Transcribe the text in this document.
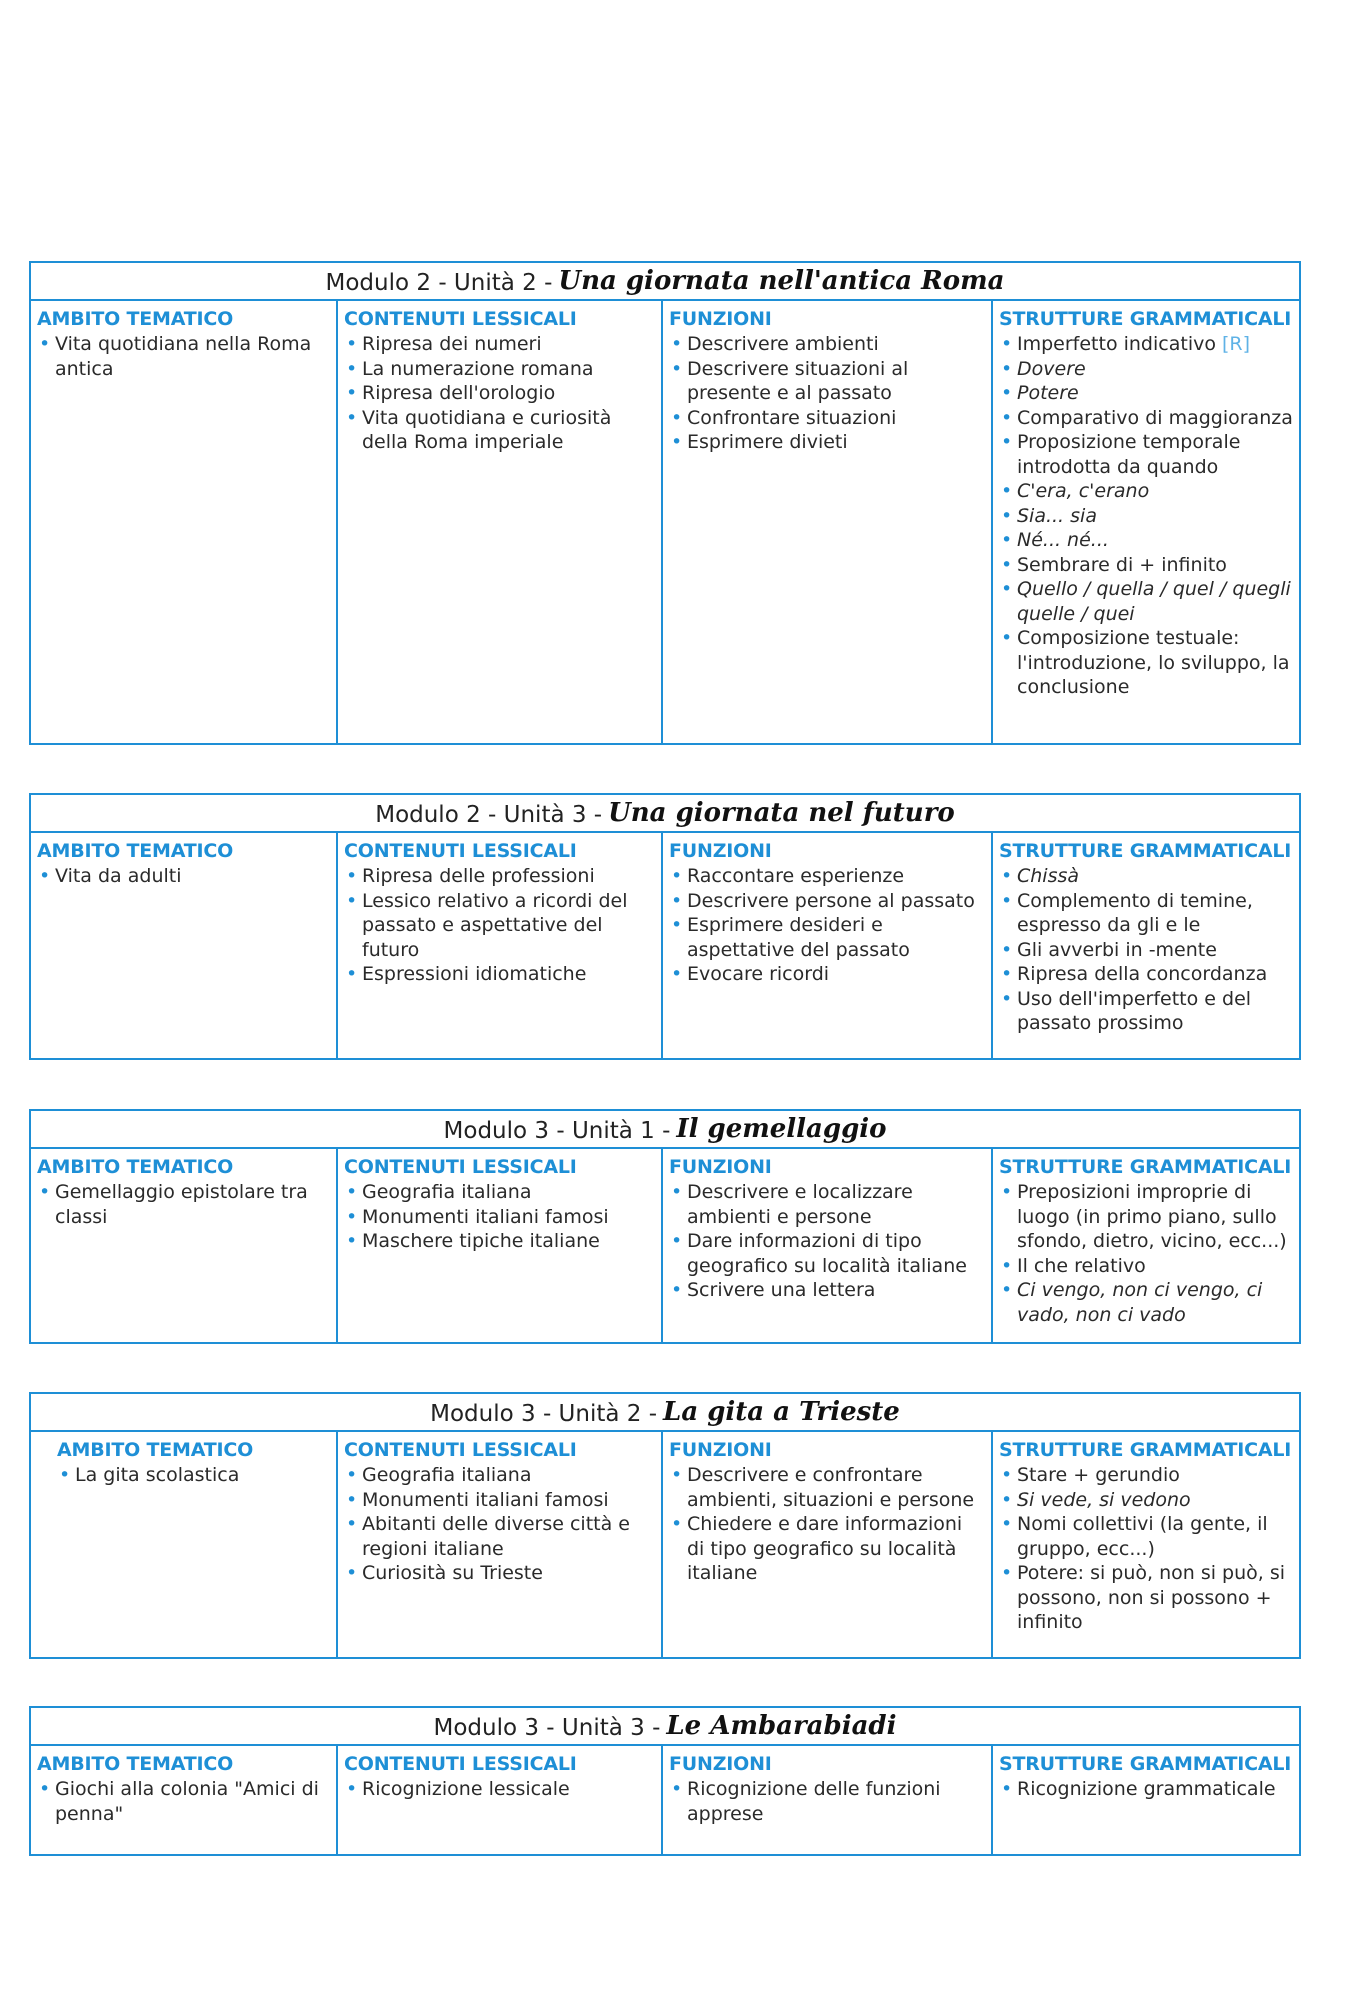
Modulo 2 - Unità 2 - Una giornata nell'antica Roma
AMBITO TEMATICO
• Vita quotidiana nella Roma antica
CONTENUTI LESSICALI
• Ripresa dei numeri
• La numerazione romana
• Ripresa dell'orologio
• Vita quotidiana e curiosità della Roma imperiale
FUNZIONI
• Descrivere ambienti
• Descrivere situazioni al presente e al passato
• Confrontare situazioni
• Esprimere divieti
STRUTTURE GRAMMATICALI
• Imperfetto indicativo [R]
• Dovere
• Potere
• Comparativo di maggioranza
• Proposizione temporale introdotta da quando
• C'era, c'erano
• Sia... sia
• Né... né...
• Sembrare di + infinito
• Quello / quella / quel / quegli quelle / quei
• Composizione testuale: l'introduzione, lo sviluppo, la conclusione
Modulo 2 - Unità 3 - Una giornata nel futuro
AMBITO TEMATICO
• Vita da adulti
CONTENUTI LESSICALI
• Ripresa delle professioni
• Lessico relativo a ricordi del passato e aspettative del futuro
• Espressioni idiomatiche
FUNZIONI
• Raccontare esperienze
• Descrivere persone al passato
• Esprimere desideri e aspettative del passato
• Evocare ricordi
STRUTTURE GRAMMATICALI
• Chissà
• Complemento di temine, espresso da gli e le
• Gli avverbi in -mente
• Ripresa della concordanza
• Uso dell'imperfetto e del passato prossimo
Modulo 3 - Unità 1 - Il gemellaggio
AMBITO TEMATICO
• Gemellaggio epistolare tra classi
CONTENUTI LESSICALI
• Geografia italiana
• Monumenti italiani famosi
• Maschere tipiche italiane
FUNZIONI
• Descrivere e localizzare ambienti e persone
• Dare informazioni di tipo geografico su località italiane
• Scrivere una lettera
STRUTTURE GRAMMATICALI
• Preposizioni improprie di luogo (in primo piano, sullo sfondo, dietro, vicino, ecc...)
• Il che relativo
• Ci vengo, non ci vengo, ci vado, non ci vado
Modulo 3 - Unità 2 - La gita a Trieste
AMBITO TEMATICO
• La gita scolastica
CONTENUTI LESSICALI
• Geografia italiana
• Monumenti italiani famosi
• Abitanti delle diverse città e regioni italiane
• Curiosità su Trieste
FUNZIONI
• Descrivere e confrontare ambienti, situazioni e persone
• Chiedere e dare informazioni di tipo geografico su località italiane
STRUTTURE GRAMMATICALI
• Stare + gerundio
• Si vede, si vedono
• Nomi collettivi (la gente, il gruppo, ecc...)
• Potere: si può, non si può, si possono, non si possono + infinito
Modulo 3 - Unità 3 - Le Ambarabiadi
AMBITO TEMATICO
• Giochi alla colonia "Amici di penna"
CONTENUTI LESSICALI
• Ricognizione lessicale
FUNZIONI
• Ricognizione delle funzioni apprese
STRUTTURE GRAMMATICALI
• Ricognizione grammaticale
